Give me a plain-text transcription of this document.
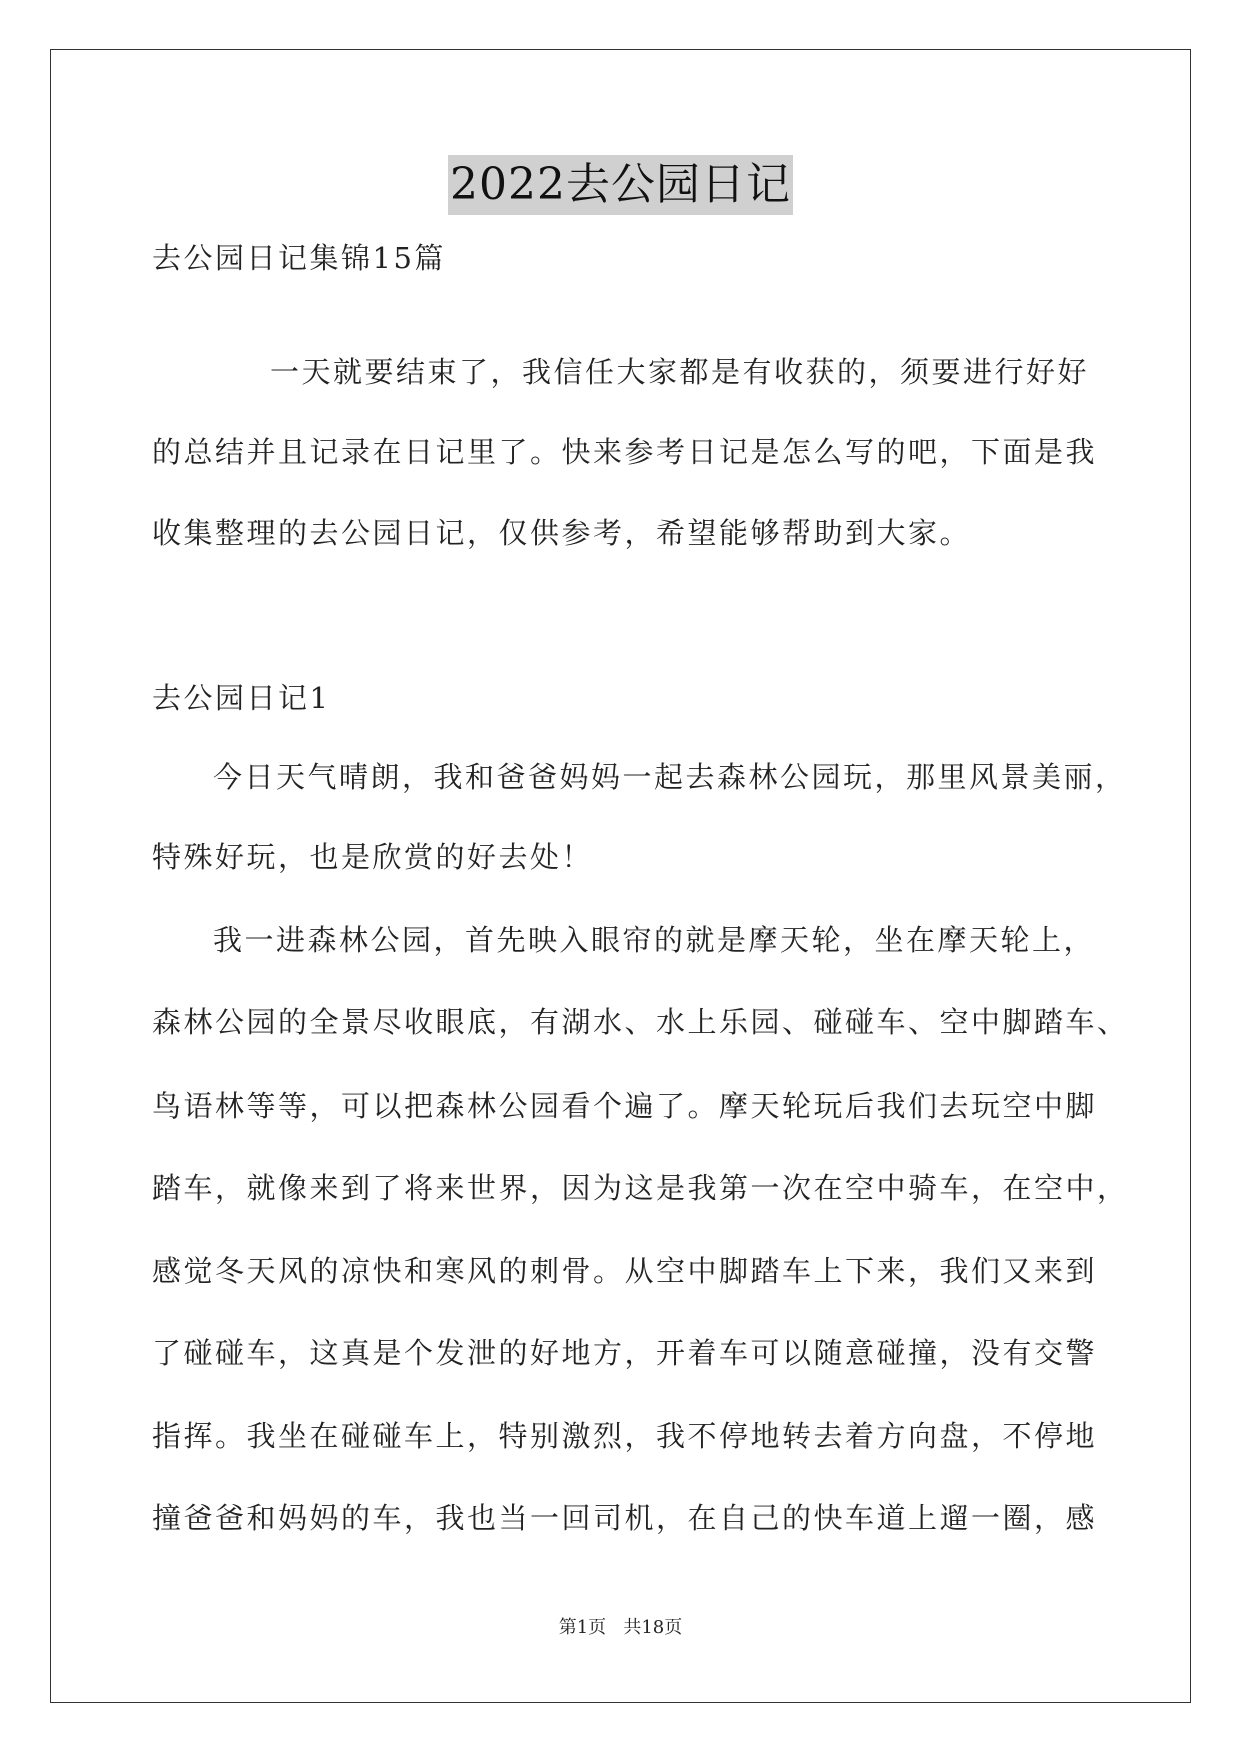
2022去公园日记
去公园日记集锦15篇
一天就要结束了，我信任大家都是有收获的，须要进行好好
的总结并且记录在日记里了。快来参考日记是怎么写的吧，下面是我
收集整理的去公园日记，仅供参考，希望能够帮助到大家。
去公园日记1
今日天气晴朗，我和爸爸妈妈一起去森林公园玩，那里风景美丽，
特殊好玩，也是欣赏的好去处！
我一进森林公园，首先映入眼帘的就是摩天轮，坐在摩天轮上，
森林公园的全景尽收眼底，有湖水、水上乐园、碰碰车、空中脚踏车、
鸟语林等等，可以把森林公园看个遍了。摩天轮玩后我们去玩空中脚
踏车，就像来到了将来世界，因为这是我第一次在空中骑车，在空中，
感觉冬天风的凉快和寒风的刺骨。从空中脚踏车上下来，我们又来到
了碰碰车，这真是个发泄的好地方，开着车可以随意碰撞，没有交警
指挥。我坐在碰碰车上，特别激烈，我不停地转去着方向盘，不停地
撞爸爸和妈妈的车，我也当一回司机，在自己的快车道上遛一圈，感
第1页   共18页
